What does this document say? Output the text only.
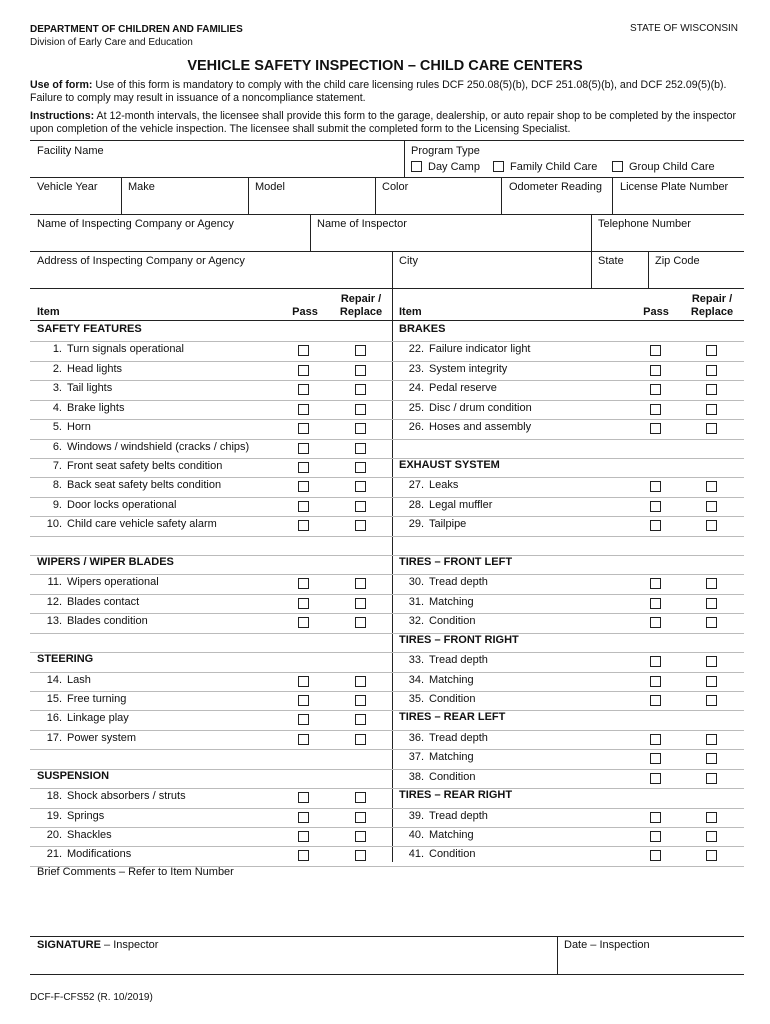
DEPARTMENT OF CHILDREN AND FAMILIES
Division of Early Care and Education
STATE OF WISCONSIN
VEHICLE SAFETY INSPECTION – CHILD CARE CENTERS
Use of form: Use of this form is mandatory to comply with the child care licensing rules DCF 250.08(5)(b), DCF 251.08(5)(b), and DCF 252.09(5)(b). Failure to comply may result in issuance of a noncompliance statement.
Instructions: At 12-month intervals, the licensee shall provide this form to the garage, dealership, or auto repair shop to be completed by the inspector upon completion of the vehicle inspection. The licensee shall submit the completed form to the Licensing Specialist.
Facility Name	Program Type
Day Camp	Family Child Care	Group Child Care
Vehicle Year	Make	Model	Color	Odometer Reading License Plate Number
Name of Inspecting Company or Agency	Name of Inspector	Telephone Number
Address of Inspecting Company or Agency	City	State	Zip Code
Item	Pass
Repair /
Replace	Item	Pass
Repair /
Replace
SAFETY FEATURES
1. Turn signals operational
2. Head lights
3. Tail lights
4. Brake lights
5. Horn
6. Windows / windshield (cracks / chips)
7. Front seat safety belts condition
8. Back seat safety belts condition
9. Door locks operational
10. Child care vehicle safety alarm
WIPERS / WIPER BLADES
11. Wipers operational
12. Blades contact
13. Blades condition
STEERING
14. Lash
15. Free turning
16. Linkage play
17. Power system
SUSPENSION
18. Shock absorbers / struts
19. Springs
20. Shackles
21. Modifications
BRAKES
22. Failure indicator light
23. System integrity
24. Pedal reserve
25. Disc / drum condition
26. Hoses and assembly
EXHAUST SYSTEM
27. Leaks
28. Legal muffler
29. Tailpipe
TIRES – FRONT LEFT
30. Tread depth
31. Matching
32. Condition
TIRES – FRONT RIGHT
33. Tread depth
34. Matching
35. Condition
TIRES – REAR LEFT
36. Tread depth
37. Matching
38. Condition
TIRES – REAR RIGHT
39. Tread depth
40. Matching
41. Condition
Brief Comments – Refer to Item Number
SIGNATURE – Inspector	Date – Inspection
DCF-F-CFS52 (R. 10/2019)
